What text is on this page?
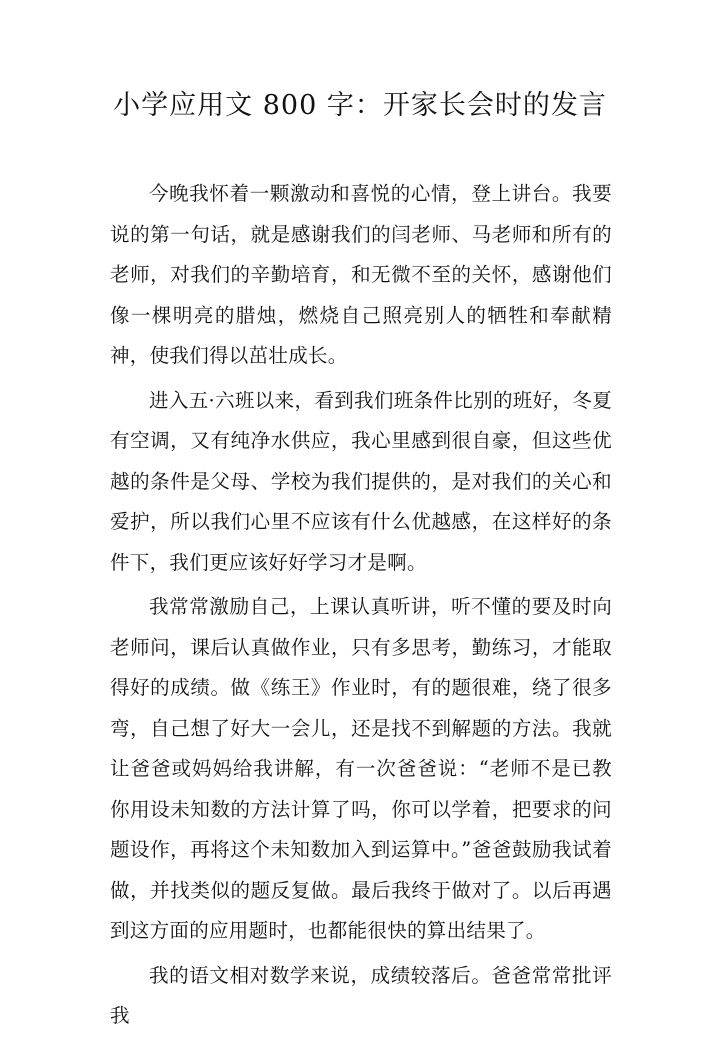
小学应用文 800 字：开家长会时的发言

今晚我怀着一颗激动和喜悦的心情，登上讲台。我要说的第一句话，就是感谢我们的闫老师、马老师和所有的老师，对我们的辛勤培育，和无微不至的关怀，感谢他们像一棵明亮的腊烛，燃烧自己照亮别人的牺牲和奉献精神，使我们得以茁壮成长。

进入五·六班以来，看到我们班条件比别的班好，冬夏有空调，又有纯净水供应，我心里感到很自豪，但这些优越的条件是父母、学校为我们提供的，是对我们的关心和爱护，所以我们心里不应该有什么优越感，在这样好的条件下，我们更应该好好学习才是啊。

我常常激励自己，上课认真听讲，听不懂的要及时向老师问，课后认真做作业，只有多思考，勤练习，才能取得好的成绩。做《练王》作业时，有的题很难，绕了很多弯，自己想了好大一会儿，还是找不到解题的方法。我就让爸爸或妈妈给我讲解，有一次爸爸说：“老师不是已教你用设未知数的方法计算了吗，你可以学着，把要求的问题设作，再将这个未知数加入到运算中。”爸爸鼓励我试着做，并找类似的题反复做。最后我终于做对了。以后再遇到这方面的应用题时，也都能很快的算出结果了。

我的语文相对数学来说，成绩较落后。爸爸常常批评我
